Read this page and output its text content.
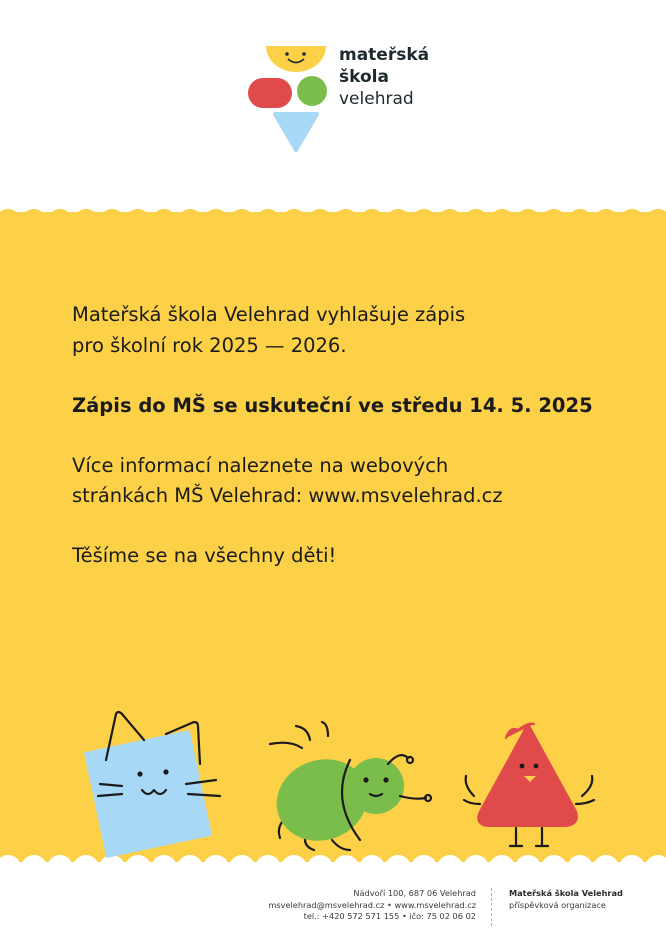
mateřská
škola
velehrad

Mateřská škola Velehrad vyhlašuje zápis

pro školní rok 2025 — 2026.

Zápis do MŠ se uskuteční ve středu 14. 5. 2025

Více informací naleznete na webových

stránkách MŠ Velehrad: www.msvelehrad.cz

Těšíme se na všechny děti!

Nádvoří 100, 687 06 Velehrad
msvelehrad@msvelehrad.cz • www.msvelehrad.cz
tel.: +420 572 571 155 • ičo: 75 02 06 02
Mateřská škola Velehrad
příspěvková organizace
